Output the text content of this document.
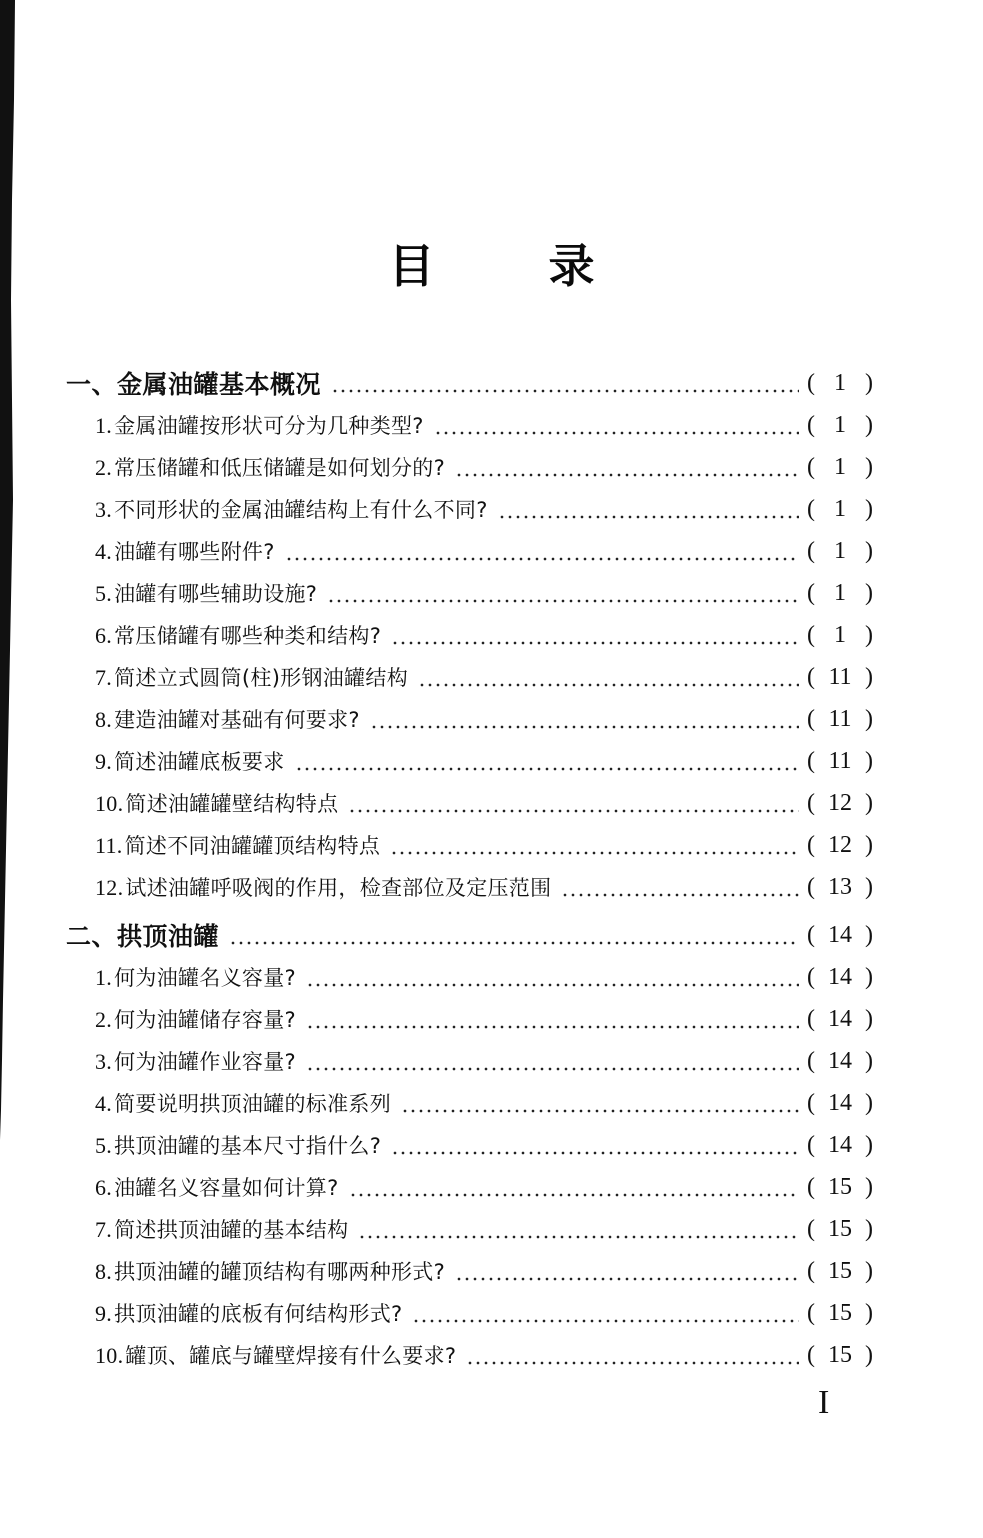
目 录
一、金属油罐基本概况	( 1 )
1.金属油罐按形状可分为几种类型?	( 1 )
2.常压储罐和低压储罐是如何划分的?	( 1 )
3.不同形状的金属油罐结构上有什么不同?	( 1 )
4.油罐有哪些附件?	( 1 )
5.油罐有哪些辅助设施?	( 1 )
6.常压储罐有哪些种类和结构?	( 1 )
7.简述立式圆筒(柱)形钢油罐结构	( 11 )
8.建造油罐对基础有何要求?	( 11 )
9.简述油罐底板要求	( 11 )
10.简述油罐罐壁结构特点	( 12 )
11.简述不同油罐罐顶结构特点	( 12 )
12.试述油罐呼吸阀的作用，检查部位及定压范围	( 13 )
二、拱顶油罐	( 14 )
1.何为油罐名义容量?	( 14 )
2.何为油罐储存容量?	( 14 )
3.何为油罐作业容量?	( 14 )
4.简要说明拱顶油罐的标准系列	( 14 )
5.拱顶油罐的基本尺寸指什么?	( 14 )
6.油罐名义容量如何计算?	( 15 )
7.简述拱顶油罐的基本结构	( 15 )
8.拱顶油罐的罐顶结构有哪两种形式?	( 15 )
9.拱顶油罐的底板有何结构形式?	( 15 )
10.罐顶、罐底与罐壁焊接有什么要求?	( 15 )
I
